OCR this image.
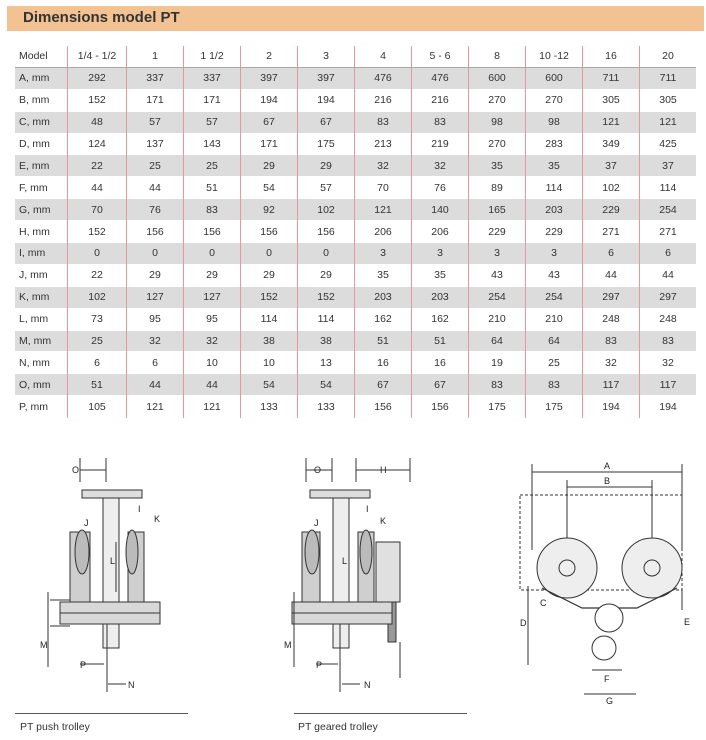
Dimensions model PT
Model	1/4 - 1/2	1	1 1/2	2	3	4	5 - 6	8	10 -12	16	20
A, mm	292	337	337	397	397	476	476	600	600	711	711
B, mm	152	171	171	194	194	216	216	270	270	305	305
C, mm	48	57	57	67	67	83	83	98	98	121	121
D, mm	124	137	143	171	175	213	219	270	283	349	425
E, mm	22	25	25	29	29	32	32	35	35	37	37
F, mm	44	44	51	54	57	70	76	89	114	102	114
G, mm	70	76	83	92	102	121	140	165	203	229	254
H, mm	152	156	156	156	156	206	206	229	229	271	271
I, mm	0	0	0	0	0	3	3	3	3	6	6
J, mm	22	29	29	29	29	35	35	43	43	44	44
K, mm	102	127	127	152	152	203	203	254	254	297	297
L, mm	73	95	95	114	114	162	162	210	210	248	248
M, mm	25	32	32	38	38	51	51	64	64	83	83
N, mm	6	6	10	10	13	16	16	19	25	32	32
O, mm	51	44	44	54	54	67	67	83	83	117	117
P, mm	105	121	121	133	133	156	156	175	175	194	194
O
J
I
K
L
M
P
N
PT push trolley
O	H
J
I
K
L
M
P
N
PT geared trolley
A
B
C
D	E
F
G
